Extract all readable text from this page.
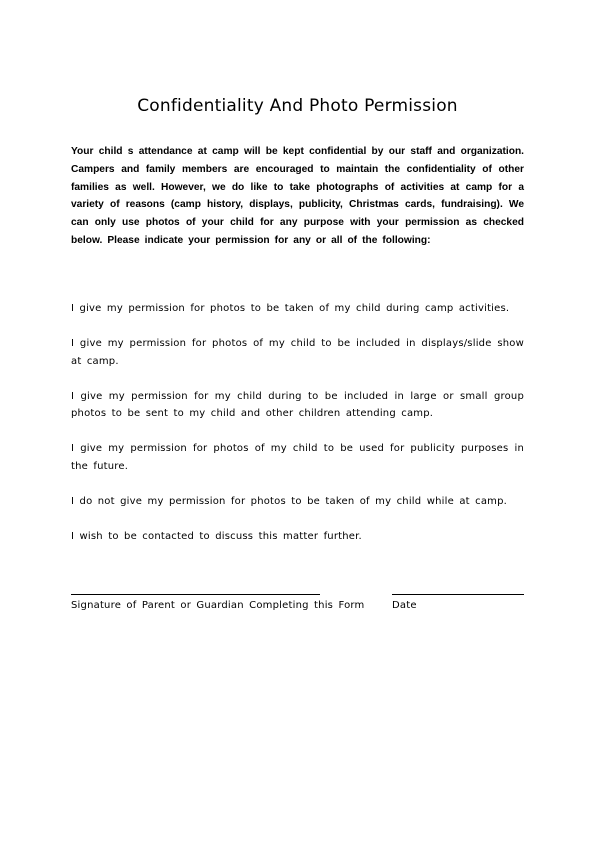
Confidentiality And Photo Permission

Your child s attendance at camp will be kept confidential by our staff and organization. Campers and family members are encouraged to maintain the confidentiality of other families as well. However, we do like to take photographs of activities at camp for a variety of reasons (camp history, displays, publicity, Christmas cards, fundraising). We can only use photos of your child for any purpose with your permission as checked below. Please indicate your permission for any or all of the following:

I give my permission for photos to be taken of my child during camp activities.
I give my permission for photos of my child to be included in displays/slide show at camp.
I give my permission for my child during to be included in large or small group photos to be sent to my child and other children attending camp.
I give my permission for photos of my child to be used for publicity purposes in the future.
I do not give my permission for photos to be taken of my child while at camp.
I wish to be contacted to discuss this matter further.
Signature of Parent or Guardian Completing this Form	Date
